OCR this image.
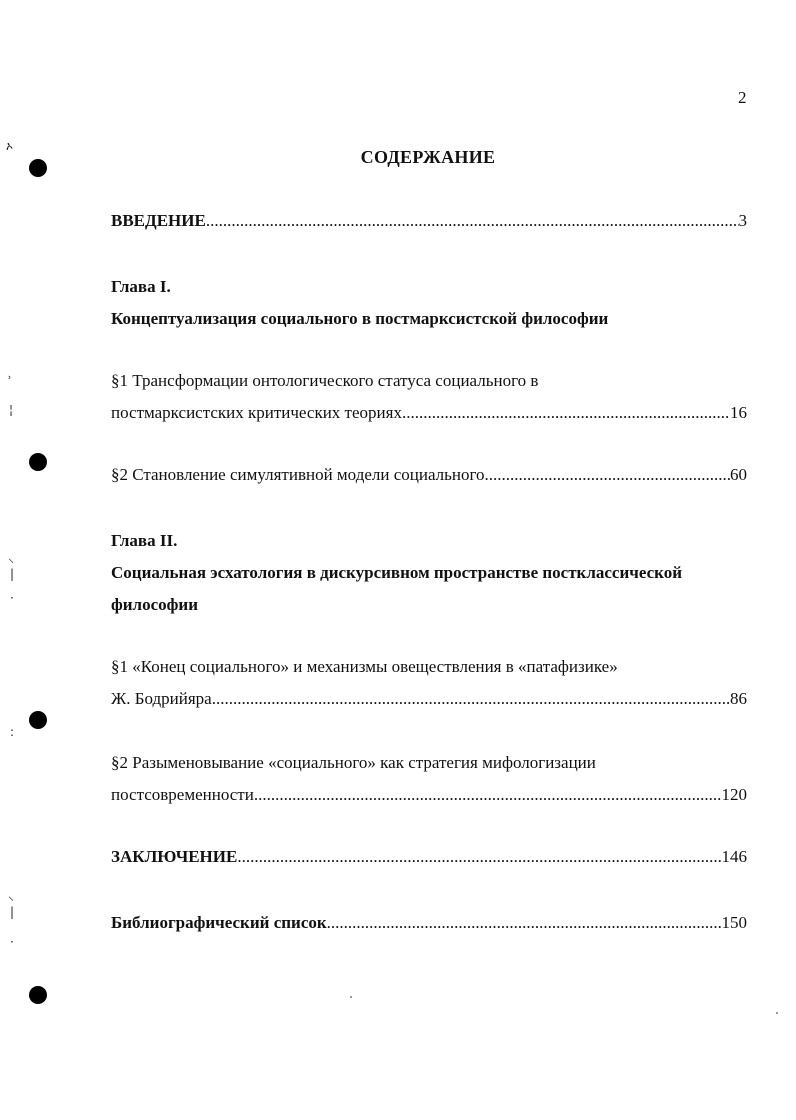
ኦ
˒
¦
⸜
|
·
:
⸜
|
·
2
СОДЕРЖАНИЕ
ВВЕДЕНИЕ .....	3
Глава I.
Концептуализация социального в постмарксистской философии
§1 Трансформации онтологического статуса социального в
постмарксистских критических теориях .....	16
§2 Становление симулятивной модели социального .....	60
Глава II.
Социальная эсхатология в дискурсивном пространстве постклассической
философии
§1 «Конец социального» и механизмы овеществления в «патафизике»
Ж. Бодрийяра .....	86
§2 Разыменовывание «социального» как стратегия мифологизации
постсовременности .....	120
ЗАКЛЮЧЕНИЕ .....	146
Библиографический список .....	150
